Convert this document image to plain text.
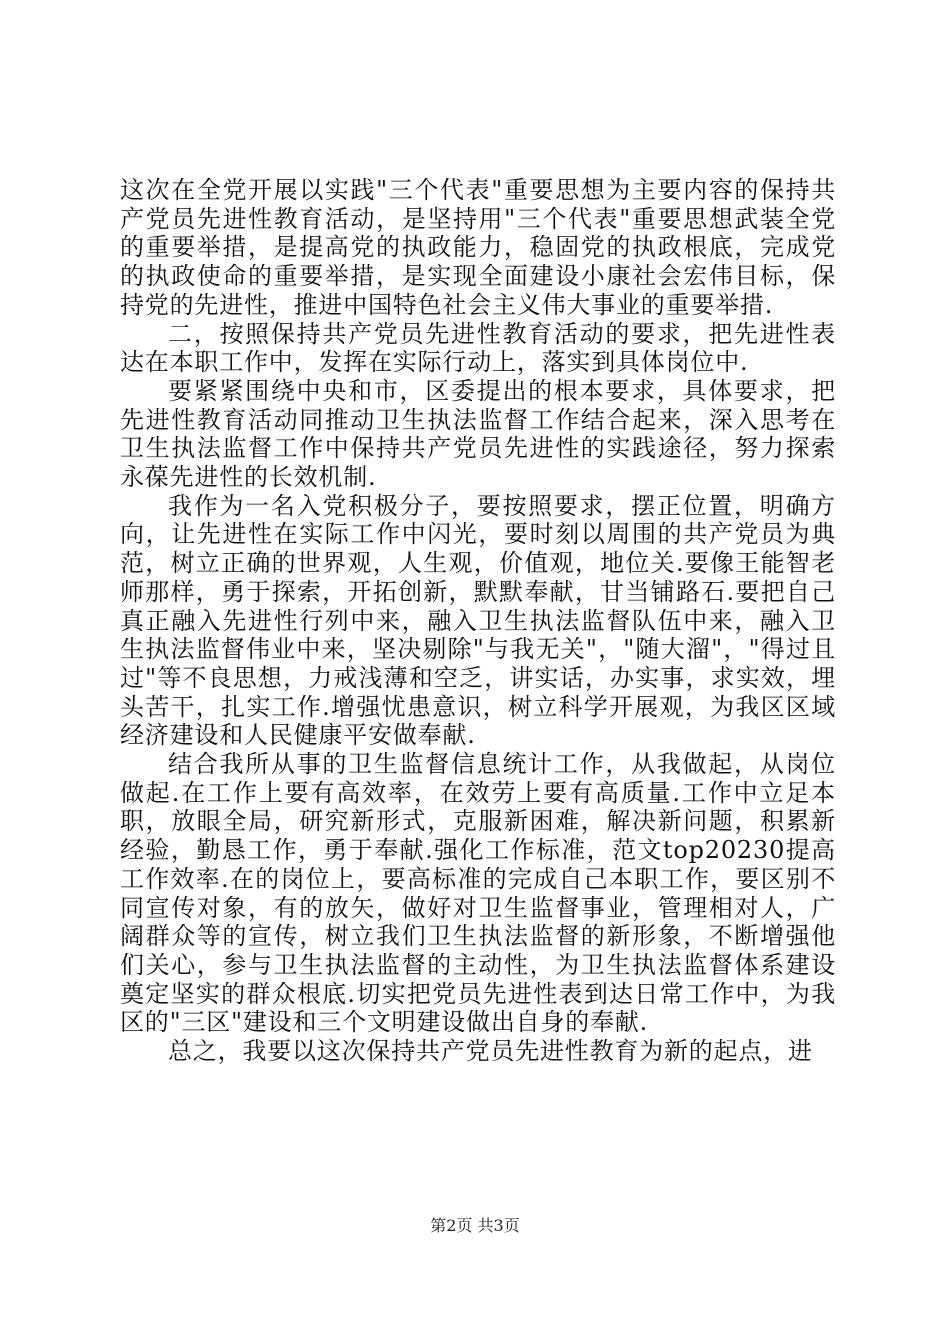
这次在全党开展以实践"三个代表"重要思想为主要内容的保持共产党员先进性教育活动，是坚持用"三个代表"重要思想武装全党的重要举措，是提高党的执政能力，稳固党的执政根底，完成党的执政使命的重要举措，是实现全面建设小康社会宏伟目标，保持党的先进性，推进中国特色社会主义伟大事业的重要举措.

二，按照保持共产党员先进性教育活动的要求，把先进性表达在本职工作中，发挥在实际行动上，落实到具体岗位中.

要紧紧围绕中央和市，区委提出的根本要求，具体要求，把先进性教育活动同推动卫生执法监督工作结合起来，深入思考在卫生执法监督工作中保持共产党员先进性的实践途径，努力探索永葆先进性的长效机制.

我作为一名入党积极分子，要按照要求，摆正位置，明确方向，让先进性在实际工作中闪光，要时刻以周围的共产党员为典范，树立正确的世界观，人生观，价值观，地位关.要像王能智老师那样，勇于探索，开拓创新，默默奉献，甘当铺路石.要把自己真正融入先进性行列中来，融入卫生执法监督队伍中来，融入卫生执法监督伟业中来，坚决剔除"与我无关"，"随大溜"，"得过且过"等不良思想，力戒浅薄和空乏，讲实话，办实事，求实效，埋头苦干，扎实工作.增强忧患意识，树立科学开展观，为我区区域经济建设和人民健康平安做奉献.

结合我所从事的卫生监督信息统计工作，从我做起，从岗位做起.在工作上要有高效率，在效劳上要有高质量.工作中立足本职，放眼全局，研究新形式，克服新困难，解决新问题，积累新经验，勤恳工作，勇于奉献.强化工作标准，范文top20230提高工作效率.在的岗位上，要高标准的完成自己本职工作，要区别不同宣传对象，有的放矢，做好对卫生监督事业，管理相对人，广阔群众等的宣传，树立我们卫生执法监督的新形象，不断增强他们关心，参与卫生执法监督的主动性，为卫生执法监督体系建设奠定坚实的群众根底.切实把党员先进性表到达日常工作中，为我区的"三区"建设和三个文明建设做出自身的奉献.

总之，我要以这次保持共产党员先进性教育为新的起点，进

第2页 共3页
